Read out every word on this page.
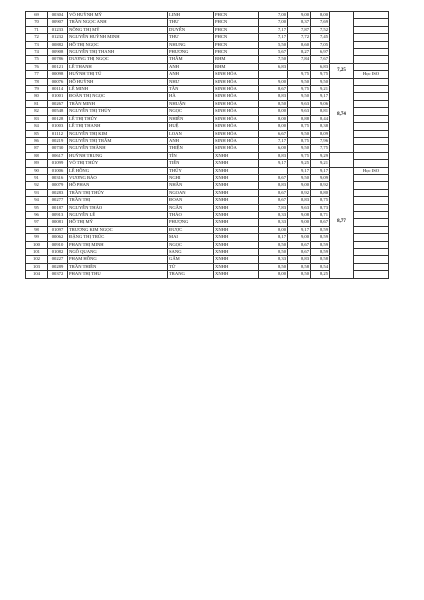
69	00304	VÕ HUỲNH MỸ	LINH	PHCN	7,00	9,00	8,00		
70	00907	TRẦN NGỌC ANH	THƯ	PHCN	7,00	8,37	7,69		
71	01233	NÔNG THỊ MỸ	DUYÊN	PHCN	7,17	7,87	7,52		
72	01232	NGUYỄN HUỲNH MINH	THƯ	PHCN	7,17	7,72	7,45		
73	00882	HỒ THỊ NGỌC	NHUNG	PHCN	5,50	8,60	7,05		
74	00908	NGUYỄN THỊ THANH	PHƯƠNG	PHCN	5,67	8,27	6,97		
75	00786	DƯƠNG THỊ NGỌC	THẮM	RHM	7,50	7,84	7,67		
76	00121	LÊ THANH	ANH	RHM	6,83		6,83	7,25	
77	00098	HUỲNH THỊ TÚ	ANH	SINH HÓA		9,75	9,75		Học ISO
78	00076	HỒ HUỲNH	NHƯ	SINH HÓA	9,00	9,50	9,50	8,74	
79	00114	LÊ MINH	TÂN	SINH HÓA	8,67	9,75	9,21		
80	01001	ĐOÀN THỊ NGỌC	HÀ	SINH HÓA	8,83	9,50	9,17		
81	00267	TRẦN MINH	NHUẬN	SINH HÓA	8,50	9,63	9,06		
82	00548	NGUYỄN THỊ THỦY	NGỌC	SINH HÓA	8,00	9,63	8,81		
83	00128	LÊ THỊ THÚY	NHIÊN	SINH HÓA	8,00	8,88	8,44		
84	01003	LÊ THỊ THANH	HUỆ	SINH HÓA	8,00	8,75	8,38		
85	01112	NGUYỄN THỊ KIM	LOAN	SINH HÓA	6,67	9,50	8,09		
86	00219	NGUYỄN THỊ TRÂM	ANH	SINH HÓA	7,17	8,75	7,96		
87	00730	NGUYỄN THÀNH	THIỆN	SINH HÓA	6,00	9,50	7,75		
88	00617	HUỲNH TRUNG	TÍN	XNHH	8,83	9,75	9,29		
89	01099	VÕ THỊ THÚY	TIÊN	XNHH	9,17	9,25	9,21		
90	01006	LÊ HỒNG	THÚY	XNHH		9,17	9,17	8,77	Học ISO
91	00316	VƯƠNG BẢO	NGHI	XNHH	8,67	9,50	9,09		
92	00079	HỒ PHAN	NHÂN	XNHH	8,83	9,00	8,92		
93	00283	TRẦN THỊ THÚY	NGOAN	XNHH	8,67	8,92	8,80		
94	00277	TRẦN THỊ	ĐOAN	XNHH	8,67	8,83	8,75		
95	00187	NGUYỄN THẢO	NGÂN	XNHH	7,83	9,63	8,73		
96	00913	NGUYỄN LÊ	THẢO	XNHH	8,33	9,08	8,71		
97	00081	HỒ THỊ MỸ	PHƯỢNG	XNHH	8,33	9,00	8,67		
98	01097	TRƯƠNG KIM NGỌC	ĐƯỢC	XNHH	8,00	9,17	8,59		
99	00062	ĐẶNG THỊ TRÚC	MAI	XNHH	8,17	9,00	8,59		
100	00910	PHAN THỊ MINH	NGỌC	XNHH	8,50	8,67	8,59		
101	01082	NGÔ QUANG	SANG	XNHH	8,50	8,67	8,59		
102	00227	PHẠM HỒNG	GẤM	XNHH	8,33	8,83	8,58		
103	00289	TRẦN THIỀN	TỨ	XNHH	8,50	8,58	8,54		
104	00372	PHAN THỊ THU	TRANG	XNHH	8,00	8,50	8,25		
